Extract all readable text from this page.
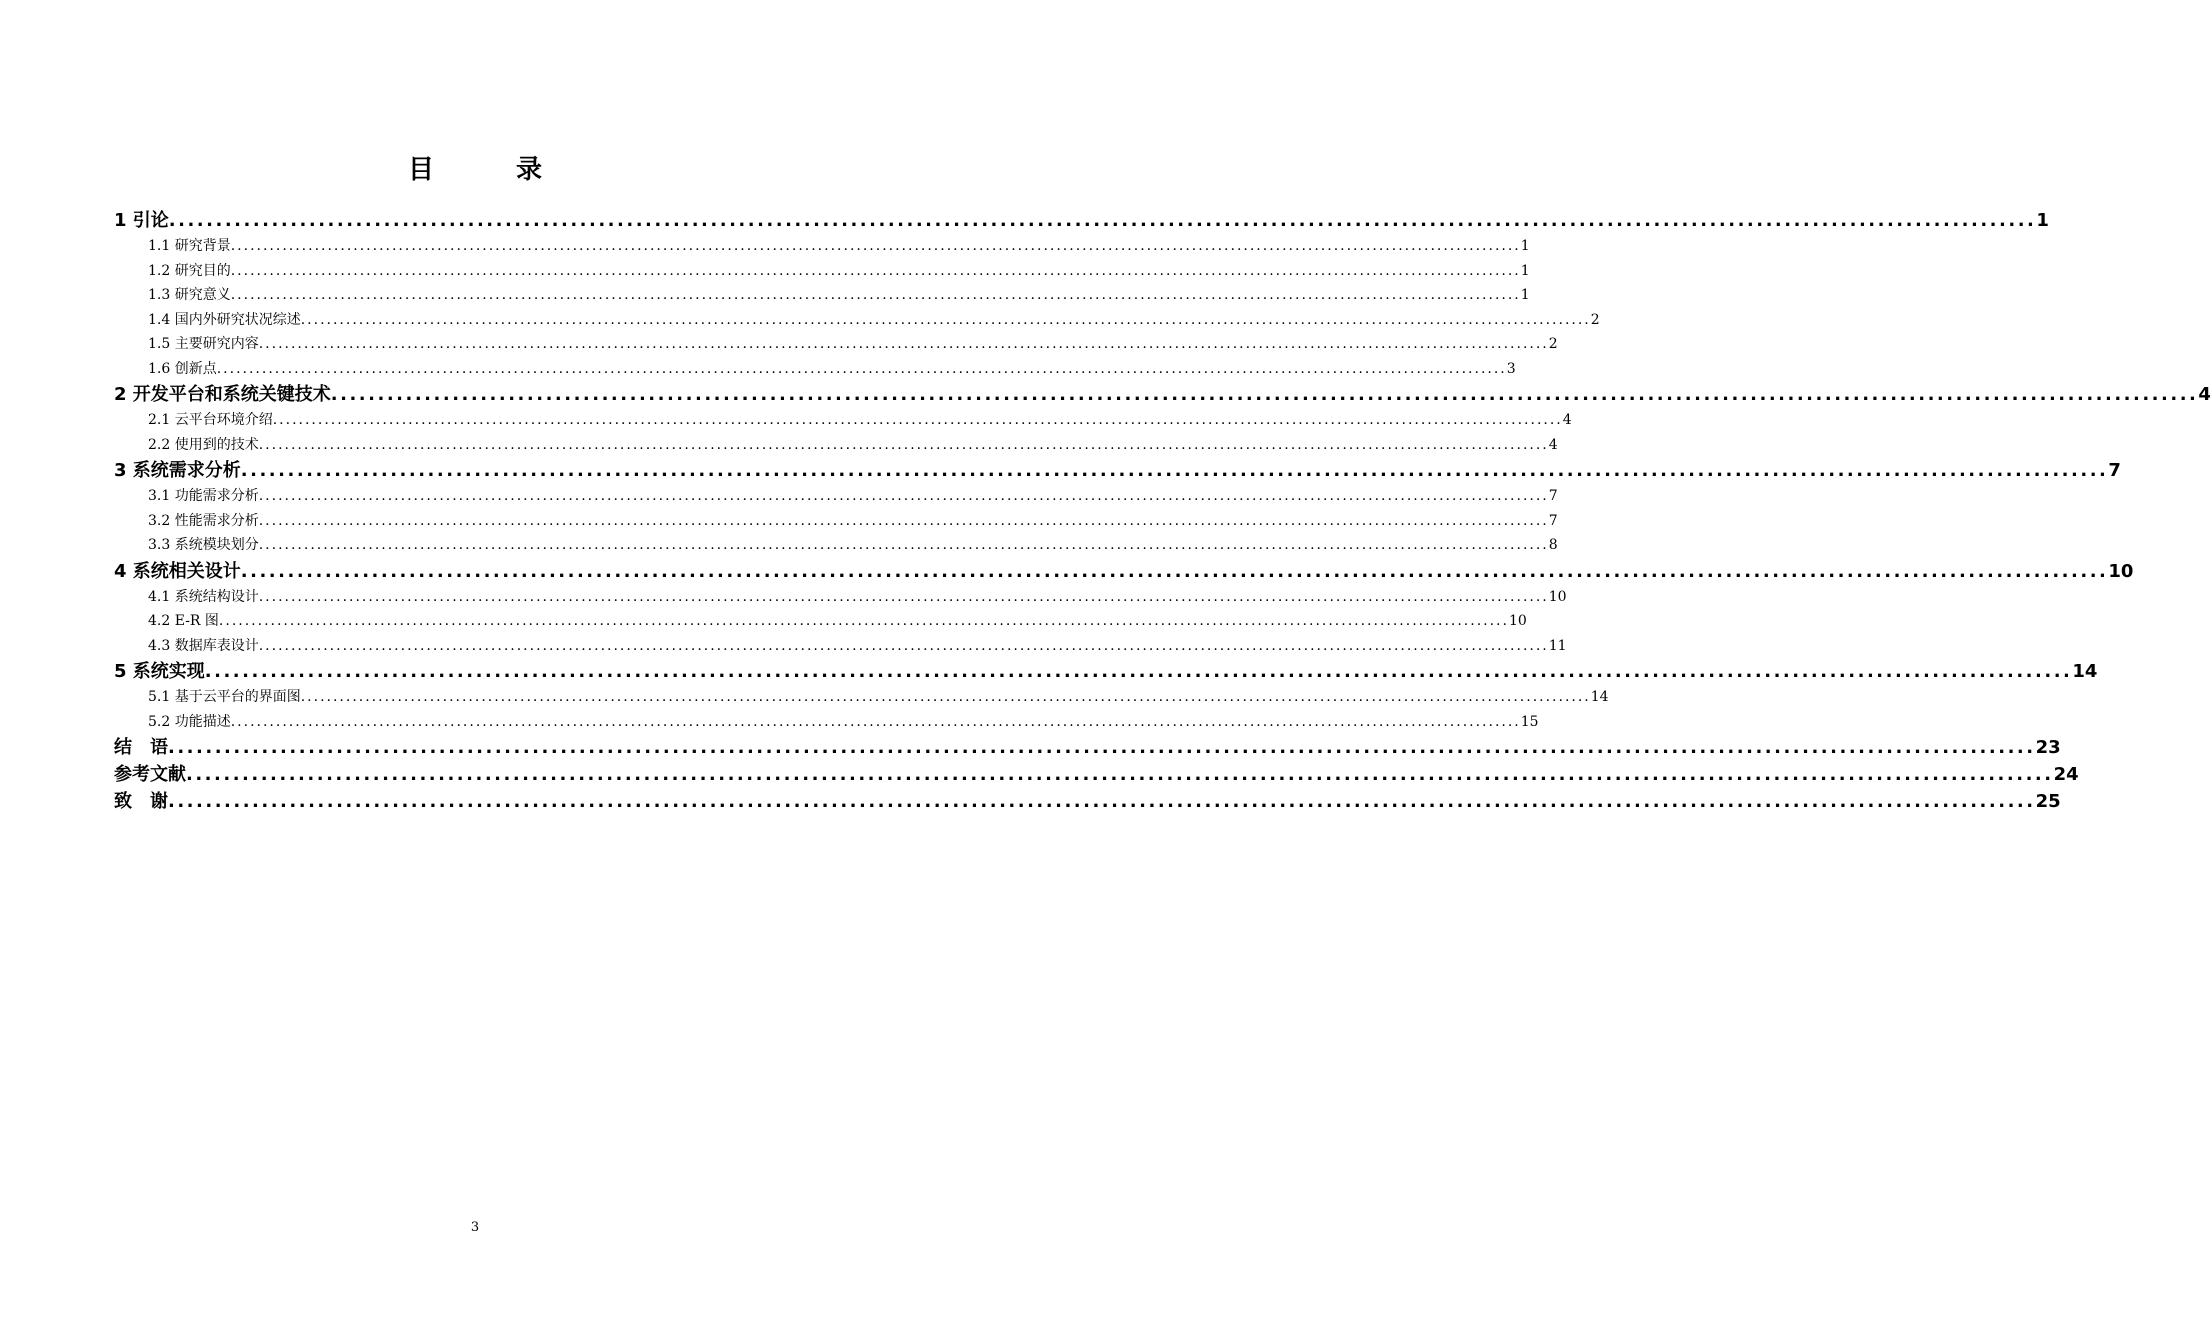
目　录
1 引论 ........................................................................................................................................................................................................ 1
1.1 研究背景 ........................................................................................................................................................................................................ 1
1.2 研究目的 ........................................................................................................................................................................................................ 1
1.3 研究意义 ........................................................................................................................................................................................................ 1
1.4 国内外研究状况综述 ........................................................................................................................................................................................................ 2
1.5 主要研究内容 ........................................................................................................................................................................................................ 2
1.6 创新点 ........................................................................................................................................................................................................ 3
2 开发平台和系统关键技术 ........................................................................................................................................................................................................ 4
2.1 云平台环境介绍 ........................................................................................................................................................................................................ 4
2.2 使用到的技术 ........................................................................................................................................................................................................ 4
3 系统需求分析 ........................................................................................................................................................................................................ 7
3.1 功能需求分析 ........................................................................................................................................................................................................ 7
3.2 性能需求分析 ........................................................................................................................................................................................................ 7
3.3 系统模块划分 ........................................................................................................................................................................................................ 8
4 系统相关设计 ........................................................................................................................................................................................................ 10
4.1 系统结构设计 ........................................................................................................................................................................................................ 10
4.2 E-R 图 ........................................................................................................................................................................................................ 10
4.3 数据库表设计 ........................................................................................................................................................................................................ 11
5 系统实现 ........................................................................................................................................................................................................ 14
5.1 基于云平台的界面图 ........................................................................................................................................................................................................ 14
5.2 功能描述 ........................................................................................................................................................................................................ 15
结　语 ........................................................................................................................................................................................................ 23
参考文献 ........................................................................................................................................................................................................ 24
致　谢 ........................................................................................................................................................................................................ 25
3
